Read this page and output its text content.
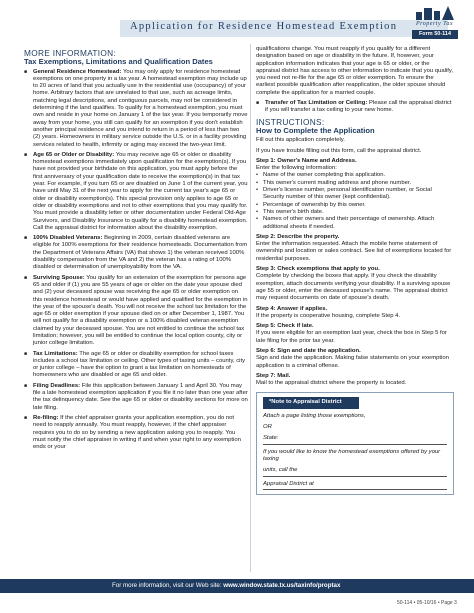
Application for Residence Homestead Exemption	Property Tax
Form 50-114
MORE INFORMATION:
Tax Exemptions, Limitations and Qualification Dates
■ General Residence Homestead: You may only apply for residence homestead exemptions on one property in a tax year. A homestead exemption may include up to 20 acres of land that you actually use in the residential use (occupancy) of your home. Arbitrary factors that are unrelated to that use, such as acreage limits, matching legal descriptions, and contiguous parcels, may not be considered in determining if the land qualifies. To qualify for a homestead exemption, you must own and reside in your home on January 1 of the tax year. If you temporarily move away from your home, you still can qualify for an exemption if you don't establish another principal residence and you intend to return in a period of less than two (2) years. Homeowners in military service outside the U.S. or in a facility providing services related to health, infirmity or aging may exceed the two-year limit.
■ Age 65 or Older or Disability: You may receive age 65 or older or disability homestead exemptions immediately upon qualification for the exemption(s). If you have not provided your birthdate on this application, you must apply before the first anniversary of your qualification date to receive the exemption(s) in that tax year. For example, if you turn 65 or are disabled on June 1 of the current year, you have until May 31 of the next year to apply for the current tax year's age 65 or older or disability exemption(s). This special provision only applies to age 65 or older or disability exemptions and not to other exemptions that you may qualify for. You must provide a disability letter or other documentation under Federal Old-Age Survivors, and Disability Insurance to qualify for a disability homestead exemption. Call the appraisal district for information about the disability exemption.
■ 100% Disabled Veterans: Beginning in 2009, certain disabled veterans are eligible for 100% exemptions for their residence homesteads. Documentation from the Department of Veterans Affairs (VA) that shows 1) the veteran received 100% disability compensation from the VA and 2) the veteran has a rating of 100% disabled or determination of unemployability from the VA.
■ Surviving Spouse: You qualify for an extension of the exemption for persons age 65 and older if (1) you are 55 years of age or older on the date your spouse died and (2) your deceased spouse was receiving the age 65 or older exemption on this residence homestead or would have applied and qualified for the exemption in the year of the spouse's death. You will not receive the school tax limitation for the age 65 or older exemption if your spouse died on or after December 1, 1987. You will not qualify for a disability exemption or a 100% disabled veteran exemption claimed by your deceased spouse. You are not entitled to continue the school tax limitation; however, you will be entitled to continue the local option county, city or junior college limitation.
■ Tax Limitations: The age 65 or older or disability exemption for school taxes includes a school tax limitation or ceiling. Other types of taxing units – county, city or junior college – have the option to grant a tax limitation on homesteads of homeowners who are disabled or age 65 and older.
■ Filing Deadlines: File this application between January 1 and April 30. You may file a late homestead exemption application if you file it no later than one year after the tax delinquency date. See the age 65 or older or disability sections for more on late filing.
■ Re-filing: If the chief appraiser grants your application exemption, you do not need to reapply annually. You must reapply, however, if the chief appraiser requires you to do so by sending a new application asking you to reapply. You must notify the chief appraiser in writing if and when your right to any exemption ends or your

qualifications change. You must reapply if you qualify for a different designation based on age or disability in the future. If, however, your application information indicates that your age is 65 or older, or the appraisal district has access to other information to indicate that you qualify, you need not re-file for the age 65 or older exemption. To ensure the earliest possible qualification after reapplication, the older spouse should complete the application for a married couple.

■ Transfer of Tax Limitation or Ceiling: Please call the appraisal district if you will transfer a tax ceiling to your new home.
INSTRUCTIONS:
How to Complete the Application

Fill out this application completely.

If you have trouble filling out this form, call the appraisal district.

Step 1: Owner's Name and Address.
Enter the following information:
• Name of the owner completing this application.
• This owner's current mailing address and phone number.
• Driver's license number, personal identification number, or Social Security number of this owner (kept confidential).
• Percentage of ownership by this owner.
• This owner's birth date.
• Names of other owners and their percentage of ownership. Attach additional sheets if needed.
Step 2: Describe the property.

Enter the information requested. Attach the mobile home statement of ownership and location or sales contract. See list of exemptions located for residential purposes.

Step 3: Check exemptions that apply to you.

Complete by checking the boxes that apply. If you check the disability exemption, attach documents verifying your disability. If a surviving spouse age 55 or older, enter the deceased spouse's name. The appraisal district may request documents on date of spouse's death.

Step 4: Answer if applies.

If the property is cooperative housing, complete Step 4.

Step 5: Check if late.

If you were eligible for an exemption last year, check the box in Step 5 for late filing for the prior tax year.

Step 6: Sign and date the application.

Sign and date the application. Making false statements on your exemption application is a criminal offense.

Step 7: Mail.

Mail to the appraisal district where the property is located.

*Note to Appraisal District
Attach a page listing those exemptions,
OR
State:
If you would like to know the homestead exemptions offered by your taxing
units, call the
Appraisal District at
For more information, visit our Web site: www.window.state.tx.us/taxinfo/proptax
50-114 • 05-10/16 • Page 3
